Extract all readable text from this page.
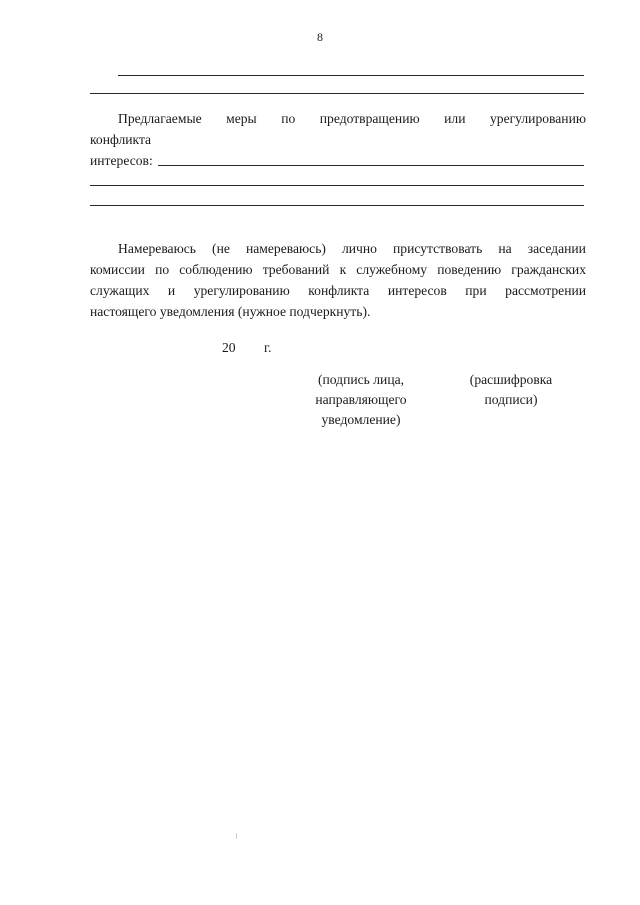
8
Предлагаемые меры по предотвращению или урегулированию
конфликта
интересов:
Намереваюсь (не намереваюсь) лично присутствовать на заседании
комиссии по соблюдению требований к служебному поведению гражданских
служащих и урегулированию конфликта интересов при рассмотрении
настоящего уведомления (нужное подчеркнуть).
20 г.
(подпись лица,
направляющего
уведомление)
(расшифровка
подписи)
